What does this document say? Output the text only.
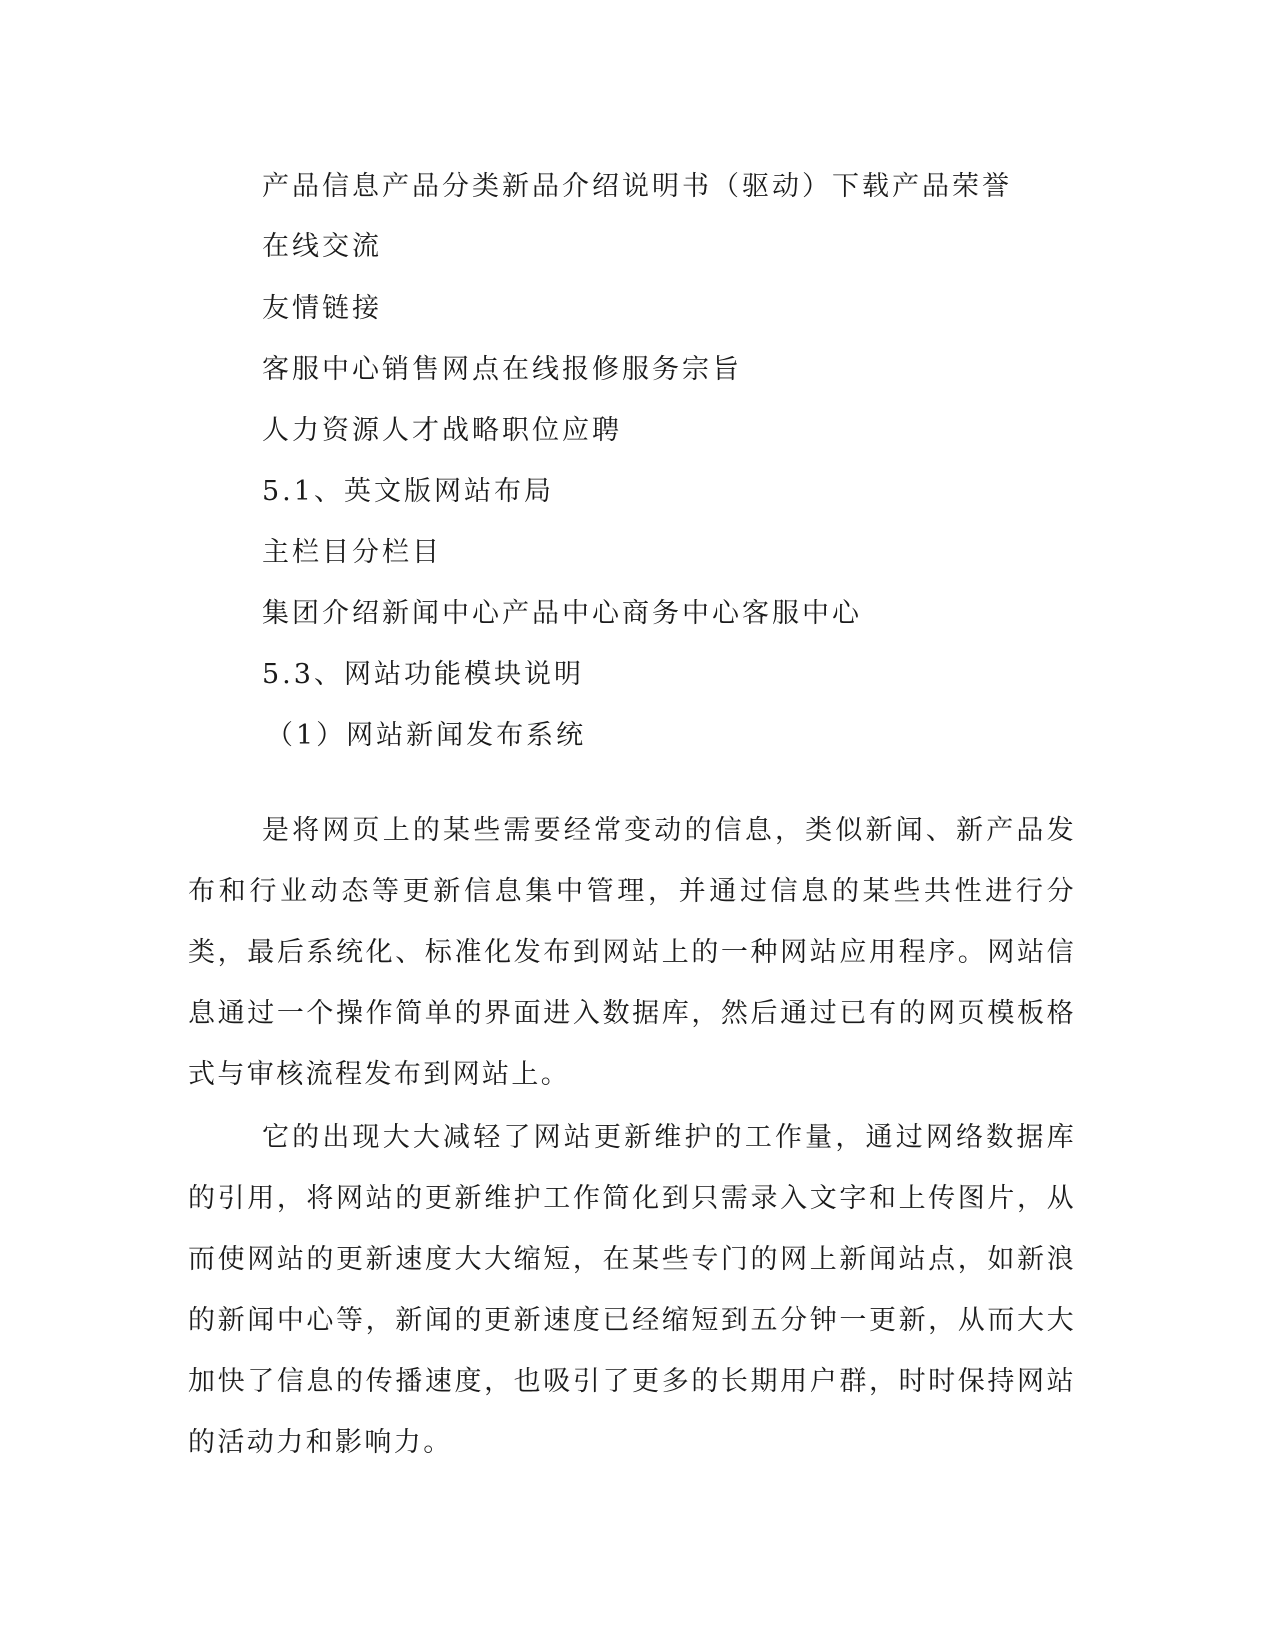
产品信息产品分类新品介绍说明书（驱动）下载产品荣誉
在线交流
友情链接
客服中心销售网点在线报修服务宗旨
人力资源人才战略职位应聘
5.1、英文版网站布局
主栏目分栏目
集团介绍新闻中心产品中心商务中心客服中心
5.3、网站功能模块说明
（1）网站新闻发布系统

是将网页上的某些需要经常变动的信息，类似新闻、新产品发布和行业动态等更新信息集中管理，并通过信息的某些共性进行分类，最后系统化、标准化发布到网站上的一种网站应用程序。网站信息通过一个操作简单的界面进入数据库，然后通过已有的网页模板格式与审核流程发布到网站上。

它的出现大大减轻了网站更新维护的工作量，通过网络数据库的引用，将网站的更新维护工作简化到只需录入文字和上传图片，从而使网站的更新速度大大缩短，在某些专门的网上新闻站点，如新浪的新闻中心等，新闻的更新速度已经缩短到五分钟一更新，从而大大加快了信息的传播速度，也吸引了更多的长期用户群，时时保持网站的活动力和影响力。
